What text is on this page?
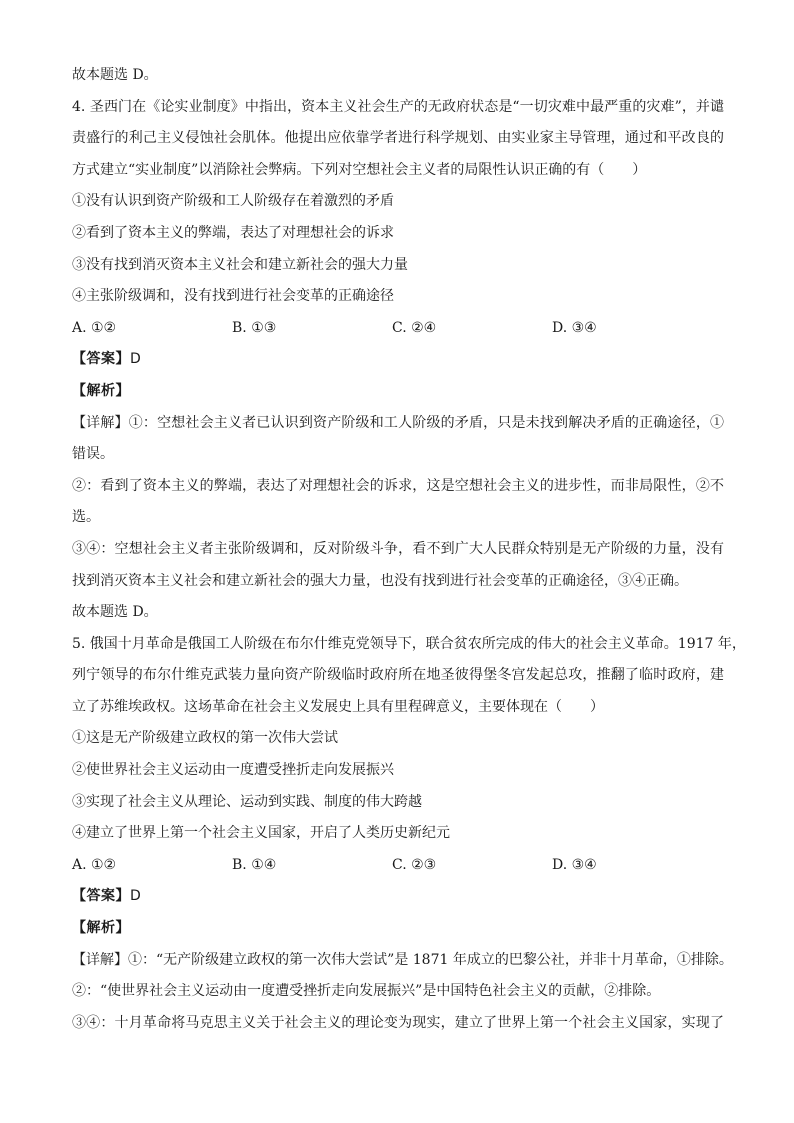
故本题选 D。

4. 圣西门在《论实业制度》中指出，资本主义社会生产的无政府状态是“一切灾难中最严重的灾难”，并谴

责盛行的利己主义侵蚀社会肌体。他提出应依靠学者进行科学规划、由实业家主导管理，通过和平改良的

方式建立“实业制度”以消除社会弊病。下列对空想社会主义者的局限性认识正确的有（　　）

①没有认识到资产阶级和工人阶级存在着激烈的矛盾

②看到了资本主义的弊端，表达了对理想社会的诉求

③没有找到消灭资本主义社会和建立新社会的强大力量

④主张阶级调和，没有找到进行社会变革的正确途径

A. ①②	B. ①③	C. ②④	D. ③④

【答案】D

【解析】

【详解】①：空想社会主义者已认识到资产阶级和工人阶级的矛盾，只是未找到解决矛盾的正确途径，①

错误。

②：看到了资本主义的弊端，表达了对理想社会的诉求，这是空想社会主义的进步性，而非局限性，②不

选。

③④：空想社会主义者主张阶级调和，反对阶级斗争，看不到广大人民群众特别是无产阶级的力量，没有

找到消灭资本主义社会和建立新社会的强大力量，也没有找到进行社会变革的正确途径，③④正确。

故本题选 D。

5. 俄国十月革命是俄国工人阶级在布尔什维克党领导下，联合贫农所完成的伟大的社会主义革命。1917 年，

列宁领导的布尔什维克武装力量向资产阶级临时政府所在地圣彼得堡冬宫发起总攻，推翻了临时政府，建

立了苏维埃政权。这场革命在社会主义发展史上具有里程碑意义，主要体现在（　　）

①这是无产阶级建立政权的第一次伟大尝试

②使世界社会主义运动由一度遭受挫折走向发展振兴

③实现了社会主义从理论、运动到实践、制度的伟大跨越

④建立了世界上第一个社会主义国家，开启了人类历史新纪元

A. ①②	B. ①④	C. ②③	D. ③④

【答案】D

【解析】

【详解】①：“无产阶级建立政权的第一次伟大尝试”是 1871 年成立的巴黎公社，并非十月革命，①排除。

②：“使世界社会主义运动由一度遭受挫折走向发展振兴”是中国特色社会主义的贡献，②排除。

③④：十月革命将马克思主义关于社会主义的理论变为现实，建立了世界上第一个社会主义国家，实现了
